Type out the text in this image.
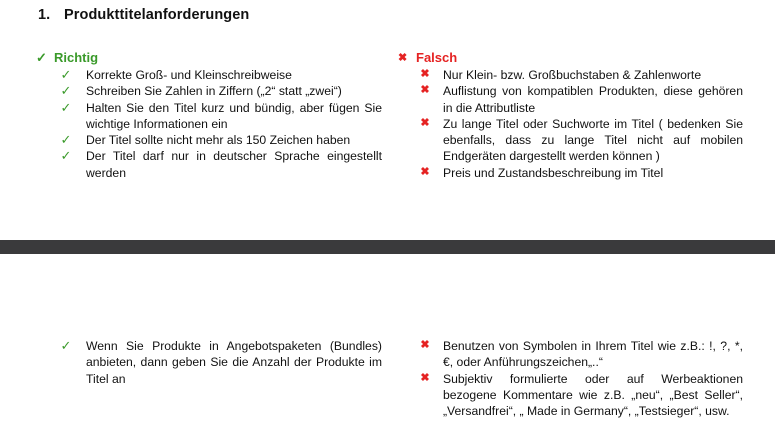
1. Produkttitelanforderungen
✓ Richtig
✓ Korrekte Groß- und Kleinschreibweise
✓ Schreiben Sie Zahlen in Ziffern („2“ statt „zwei“)
✓ Halten Sie den Titel kurz und bündig, aber fügen Sie wichtige Informationen ein
✓ Der Titel sollte nicht mehr als 150 Zeichen haben
✓ Der Titel darf nur in deutscher Sprache eingestellt werden
✖ Falsch
✖ Nur Klein- bzw. Großbuchstaben & Zahlenworte
✖ Auflistung von kompatiblen Produkten, diese gehören in die Attributliste
✖ Zu lange Titel oder Suchworte im Titel ( bedenken Sie ebenfalls, dass zu lange Titel nicht auf mobilen Endgeräten dargestellt werden können )
✖ Preis und Zustandsbeschreibung im Titel
✓ Wenn Sie Produkte in Angebotspaketen (Bundles) anbieten, dann geben Sie die Anzahl der Produkte im Titel an
✖ Benutzen von Symbolen in Ihrem Titel wie z.B.: !, ?, *, €, oder Anführungszeichen„..“
✖ Subjektiv formulierte oder auf Werbeaktionen bezogene Kommentare wie z.B. „neu“, „Best Seller“, „Versandfrei“, „ Made in Germany“, „Testsieger“, usw.
